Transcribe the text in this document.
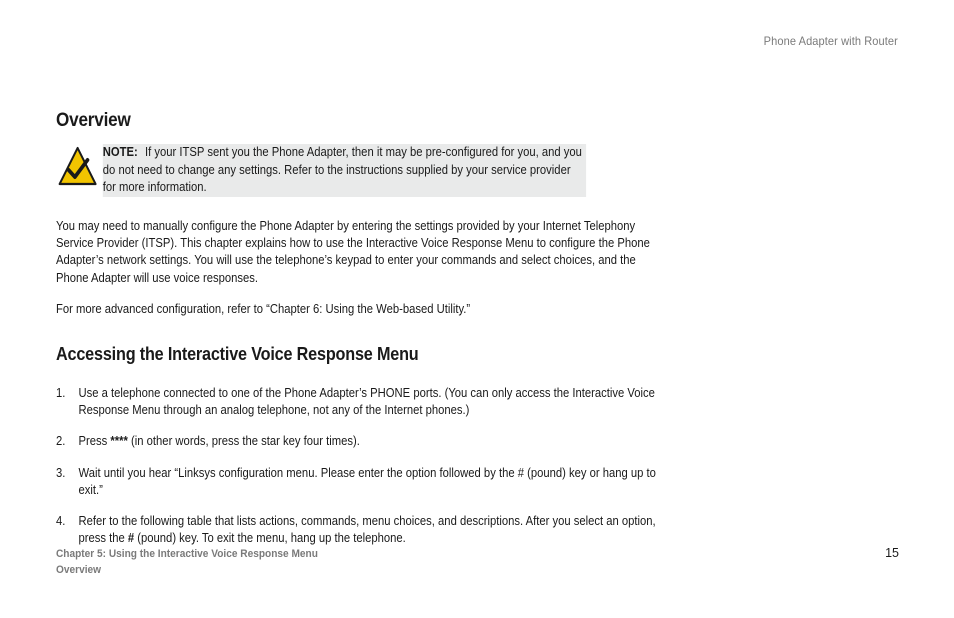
Phone Adapter with Router
Overview
NOTE: If your ITSP sent you the Phone Adapter, then it may be pre-configured for you, and you do not need to change any settings. Refer to the instructions supplied by your service provider for more information.

You may need to manually configure the Phone Adapter by entering the settings provided by your Internet Telephony Service Provider (ITSP). This chapter explains how to use the Interactive Voice Response Menu to configure the Phone Adapter’s network settings. You will use the telephone’s keypad to enter your commands and select choices, and the Phone Adapter will use voice responses.

For more advanced configuration, refer to “Chapter 6: Using the Web-based Utility.”

Accessing the Interactive Voice Response Menu
1. Use a telephone connected to one of the Phone Adapter’s PHONE ports. (You can only access the Interactive Voice Response Menu through an analog telephone, not any of the Internet phones.)
2. Press **** (in other words, press the star key four times).
3. Wait until you hear “Linksys configuration menu. Please enter the option followed by the # (pound) key or hang up to exit.”
4. Refer to the following table that lists actions, commands, menu choices, and descriptions. After you select an option, press the # (pound) key. To exit the menu, hang up the telephone.
Chapter 5: Using the Interactive Voice Response Menu
Overview
15
